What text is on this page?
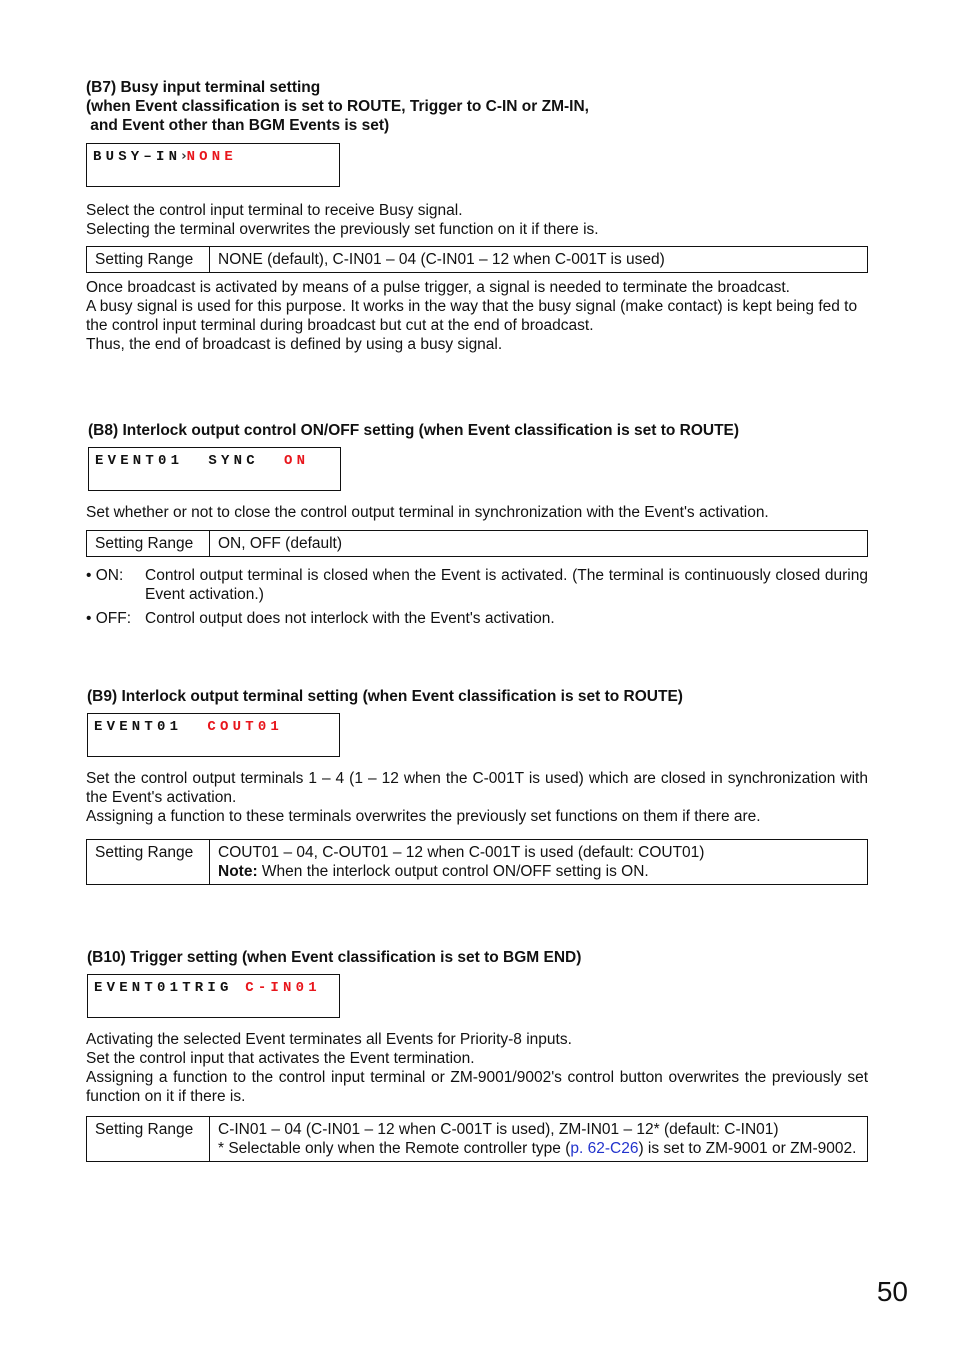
(B7) Busy input terminal setting
(when Event classification is set to ROUTE, Trigger to C-IN or ZM-IN,
and Event other than BGM Events is set)
BUSY–IN›NONE

Select the control input terminal to receive Busy signal.

Selecting the terminal overwrites the previously set function on it if there is.

Setting Range	NONE (default), C-IN01 – 04 (C-IN01 – 12 when C-001T is used)

Once broadcast is activated by means of a pulse trigger, a signal is needed to terminate the broadcast.

A busy signal is used for this purpose. It works in the way that the busy signal (make contact) is kept being fed to the control input terminal during broadcast but cut at the end of broadcast.

Thus, the end of broadcast is defined by using a busy signal.

(B8) Interlock output control ON/OFF setting (when Event classification is set to ROUTE)
EVENT01  SYNC  ON

Set whether or not to close the control output terminal in synchronization with the Event's activation.

Setting Range	ON, OFF (default)
• ON:	Control output terminal is closed when the Event is activated. (The terminal is continuously closed during Event activation.)
• OFF: Control output does not interlock with the Event's activation.
(B9) Interlock output terminal setting (when Event classification is set to ROUTE)
EVENT01  COUT01

Set the control output terminals 1 – 4 (1 – 12 when the C-001T is used) which are closed in synchronization with the Event's activation.

Assigning a function to these terminals overwrites the previously set functions on them if there are.

Setting Range	COUT01 – 04, C-OUT01 – 12 when C-001T is used (default: COUT01)
Note: When the interlock output control ON/OFF setting is ON.
(B10) Trigger setting (when Event classification is set to BGM END)
EVENT01TRIG C-IN01

Activating the selected Event terminates all Events for Priority-8 inputs.

Set the control input that activates the Event termination.

Assigning a function to the control input terminal or ZM-9001/9002's control button overwrites the previously set function on it if there is.

Setting Range	C-IN01 – 04 (C-IN01 – 12 when C-001T is used), ZM-IN01 – 12* (default: C-IN01)
* Selectable only when the Remote controller type (p. 62-C26) is set to ZM-9001 or ZM-9002.
50
